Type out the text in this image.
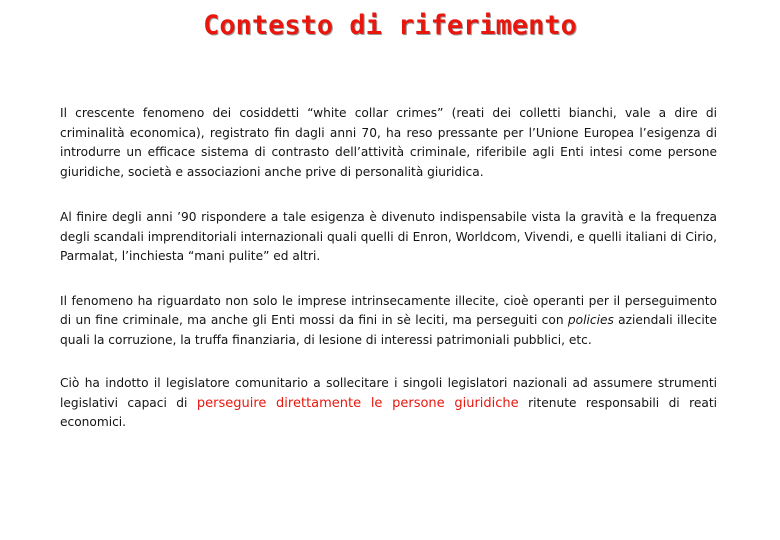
Contesto di riferimento

Il crescente fenomeno dei cosiddetti “white collar crimes” (reati dei colletti bianchi, vale a dire di criminalità economica), registrato fin dagli anni 70, ha reso pressante per l’Unione Europea l’esigenza di introdurre un efficace sistema di contrasto dell’attività criminale, riferibile agli Enti intesi come persone giuridiche, società e associazioni anche prive di personalità giuridica.

Al finire degli anni ’90 rispondere a tale esigenza è divenuto indispensabile vista la gravità e la frequenza degli scandali imprenditoriali internazionali quali quelli di Enron, Worldcom, Vivendi, e quelli italiani di Cirio, Parmalat, l’inchiesta “mani pulite” ed altri.

Il fenomeno ha riguardato non solo le imprese intrinsecamente illecite, cioè operanti per il perseguimento di un fine criminale, ma anche gli Enti mossi da fini in sè leciti, ma perseguiti con policies aziendali illecite quali la corruzione, la truffa finanziaria, di lesione di interessi patrimoniali pubblici, etc.

Ciò ha indotto il legislatore comunitario a sollecitare i singoli legislatori nazionali ad assumere strumenti legislativi capaci di perseguire direttamente le persone giuridiche ritenute responsabili di reati economici.
